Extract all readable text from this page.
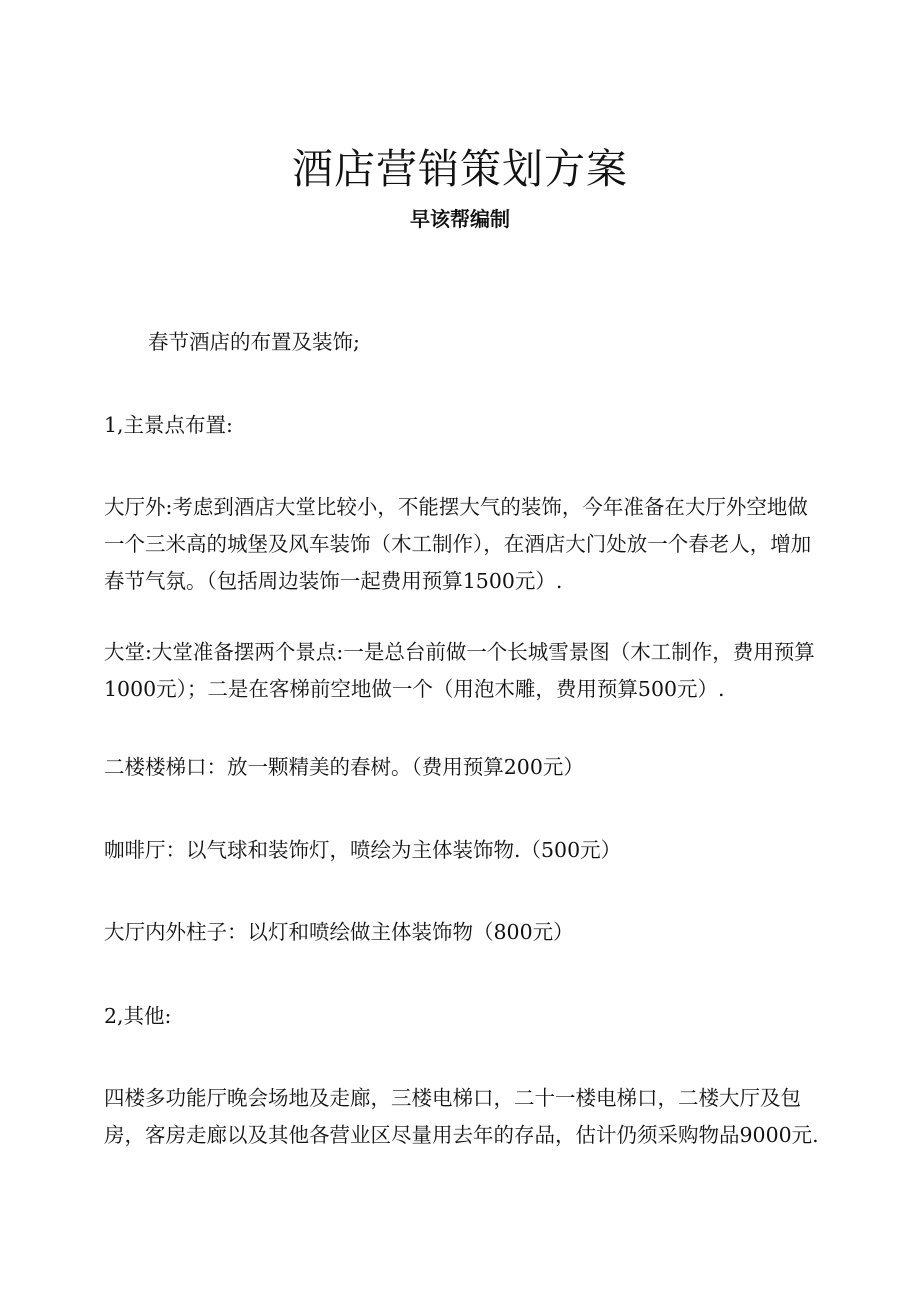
酒店营销策划方案
早该帮编制

春节酒店的布置及装饰;

1,主景点布置:

大厅外:考虑到酒店大堂比较小，不能摆大气的装饰，今年准备在大厅外空地做
一个三米高的城堡及风车装饰（木工制作），在酒店大门处放一个春老人，增加
春节气氛。（包括周边装饰一起费用预算1500元）.

大堂:大堂准备摆两个景点:一是总台前做一个长城雪景图（木工制作，费用预算
1000元）；二是在客梯前空地做一个（用泡木雕，费用预算500元）.

二楼楼梯口：放一颗精美的春树。（费用预算200元）

咖啡厅：以气球和装饰灯，喷绘为主体装饰物.（500元）

大厅内外柱子：以灯和喷绘做主体装饰物（800元）

2,其他:

四楼多功能厅晚会场地及走廊，三楼电梯口，二十一楼电梯口，二楼大厅及包
房，客房走廊以及其他各营业区尽量用去年的存品，估计仍须采购物品9000元.
